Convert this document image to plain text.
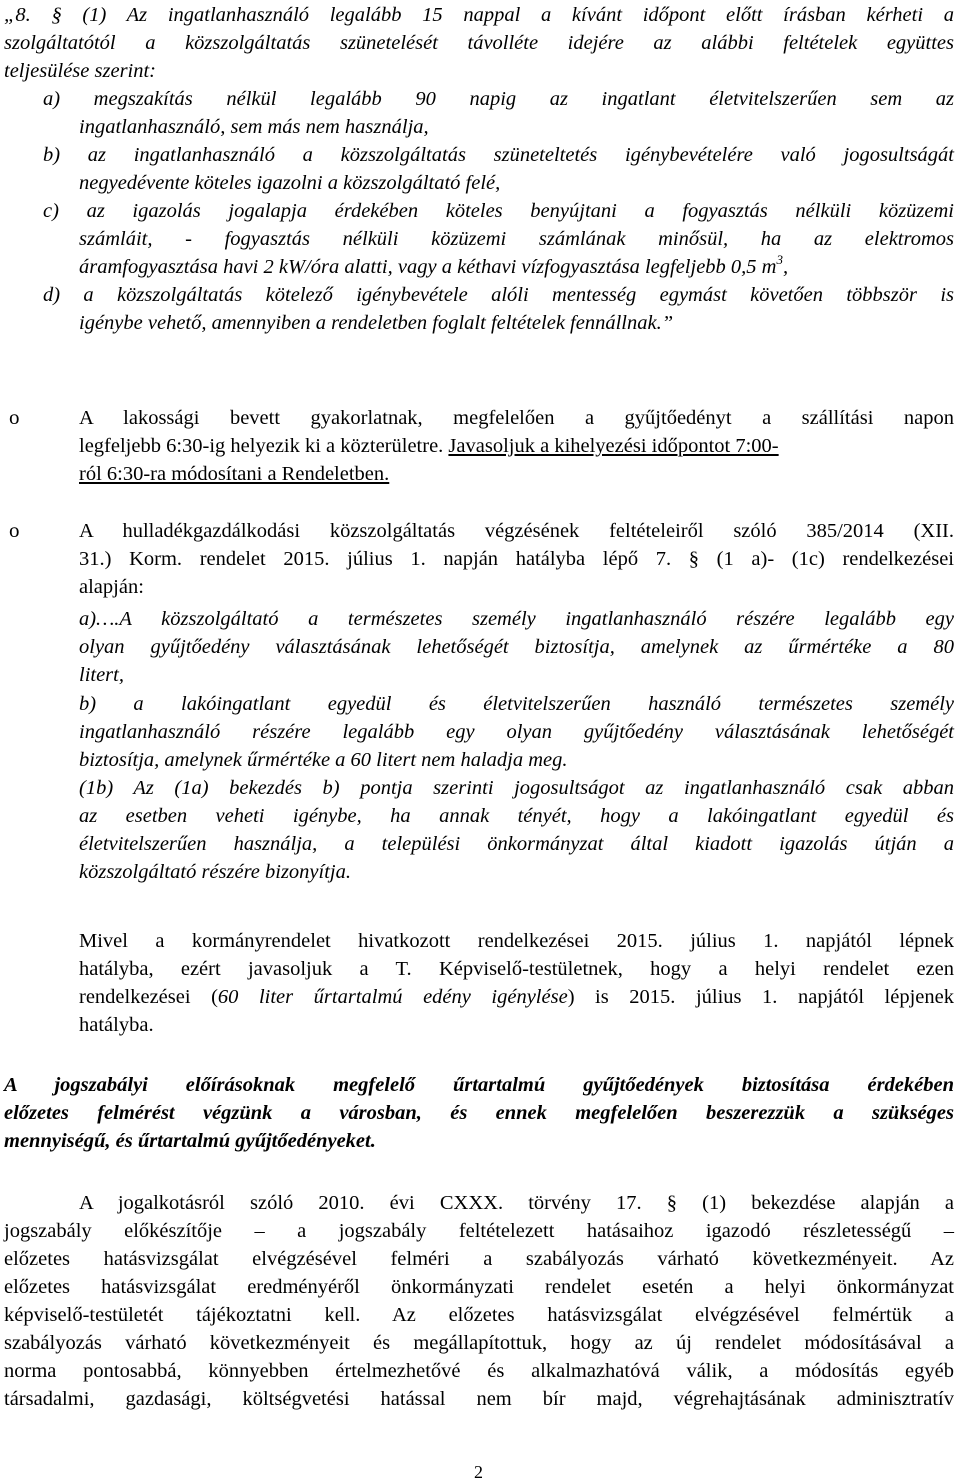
„8. § (1) Az ingatlanhasználó legalább 15 nappal a kívánt időpont előtt írásban kérheti a
szolgáltatótól a közszolgáltatás szünetelését távolléte idejére az alábbi feltételek együttes
teljesülése szerint:
a) megszakítás nélkül legalább 90 napig az ingatlant életvitelszerűen sem az
ingatlanhasználó, sem más nem használja,
b) az ingatlanhasználó a közszolgáltatás szüneteltetés igénybevételére való jogosultságát
negyedévente köteles igazolni a közszolgáltató felé,
c) az igazolás jogalapja érdekében köteles benyújtani a fogyasztás nélküli közüzemi
számláit, - fogyasztás nélküli közüzemi számlának minősül, ha az elektromos
áramfogyasztása havi 2 kW/óra alatti, vagy a kéthavi vízfogyasztása legfeljebb 0,5 $m^3$,
d) a közszolgáltatás kötelező igénybevétele alóli mentesség egymást követően többször is
igénybe vehető, amennyiben a rendeletben foglalt feltételek fennállnak.”
o	A lakossági bevett gyakorlatnak, megfelelően a gyűjtőedényt a szállítási napon
legfeljebb 6:30-ig helyezik ki a közterületre. Javasoljuk a kihelyezési időpontot 7:00-
ról 6:30-ra módosítani a Rendeletben.
o	A hulladékgazdálkodási közszolgáltatás végzésének feltételeiről szóló 385/2014 (XII.
31.) Korm. rendelet 2015. július 1. napján hatályba lépő 7. § (1 a)- (1c) rendelkezései
alapján:
a)….A közszolgáltató a természetes személy ingatlanhasználó részére legalább egy
olyan gyűjtőedény választásának lehetőségét biztosítja, amelynek az űrmértéke a 80
litert,
b) a lakóingatlant egyedül és életvitelszerűen használó természetes személy
ingatlanhasználó részére legalább egy olyan gyűjtőedény választásának lehetőségét
biztosítja, amelynek űrmértéke a 60 litert nem haladja meg.
(1b) Az (1a) bekezdés b) pontja szerinti jogosultságot az ingatlanhasználó csak abban
az esetben veheti igénybe, ha annak tényét, hogy a lakóingatlant egyedül és
életvitelszerűen használja, a települési önkormányzat által kiadott igazolás útján a
közszolgáltató részére bizonyítja.
Mivel a kormányrendelet hivatkozott rendelkezései 2015. július 1. napjától lépnek
hatályba, ezért javasoljuk a T. Képviselő-testületnek, hogy a helyi rendelet ezen
rendelkezései (60 liter űrtartalmú edény igénylése) is 2015. július 1. napjától lépjenek
hatályba.
A jogszabályi előírásoknak megfelelő űrtartalmú gyűjtőedények biztosítása érdekében
előzetes felmérést végzünk a városban, és ennek megfelelően beszerezzük a szükséges
mennyiségű, és űrtartalmú gyűjtőedényeket.
A jogalkotásról szóló 2010. évi CXXX. törvény 17. § (1) bekezdése alapján a
jogszabály előkészítője – a jogszabály feltételezett hatásaihoz igazodó részletességű –
előzetes hatásvizsgálat elvégzésével felméri a szabályozás várható következményeit. Az
előzetes hatásvizsgálat eredményéről önkormányzati rendelet esetén a helyi önkormányzat
képviselő-testületét tájékoztatni kell. Az előzetes hatásvizsgálat elvégzésével felmértük a
szabályozás várható következményeit és megállapítottuk, hogy az új rendelet módosításával a
norma pontosabbá, könnyebben értelmezhetővé és alkalmazhatóvá válik, a módosítás egyéb
társadalmi, gazdasági, költségvetési hatással nem bír majd, végrehajtásának adminisztratív
2
